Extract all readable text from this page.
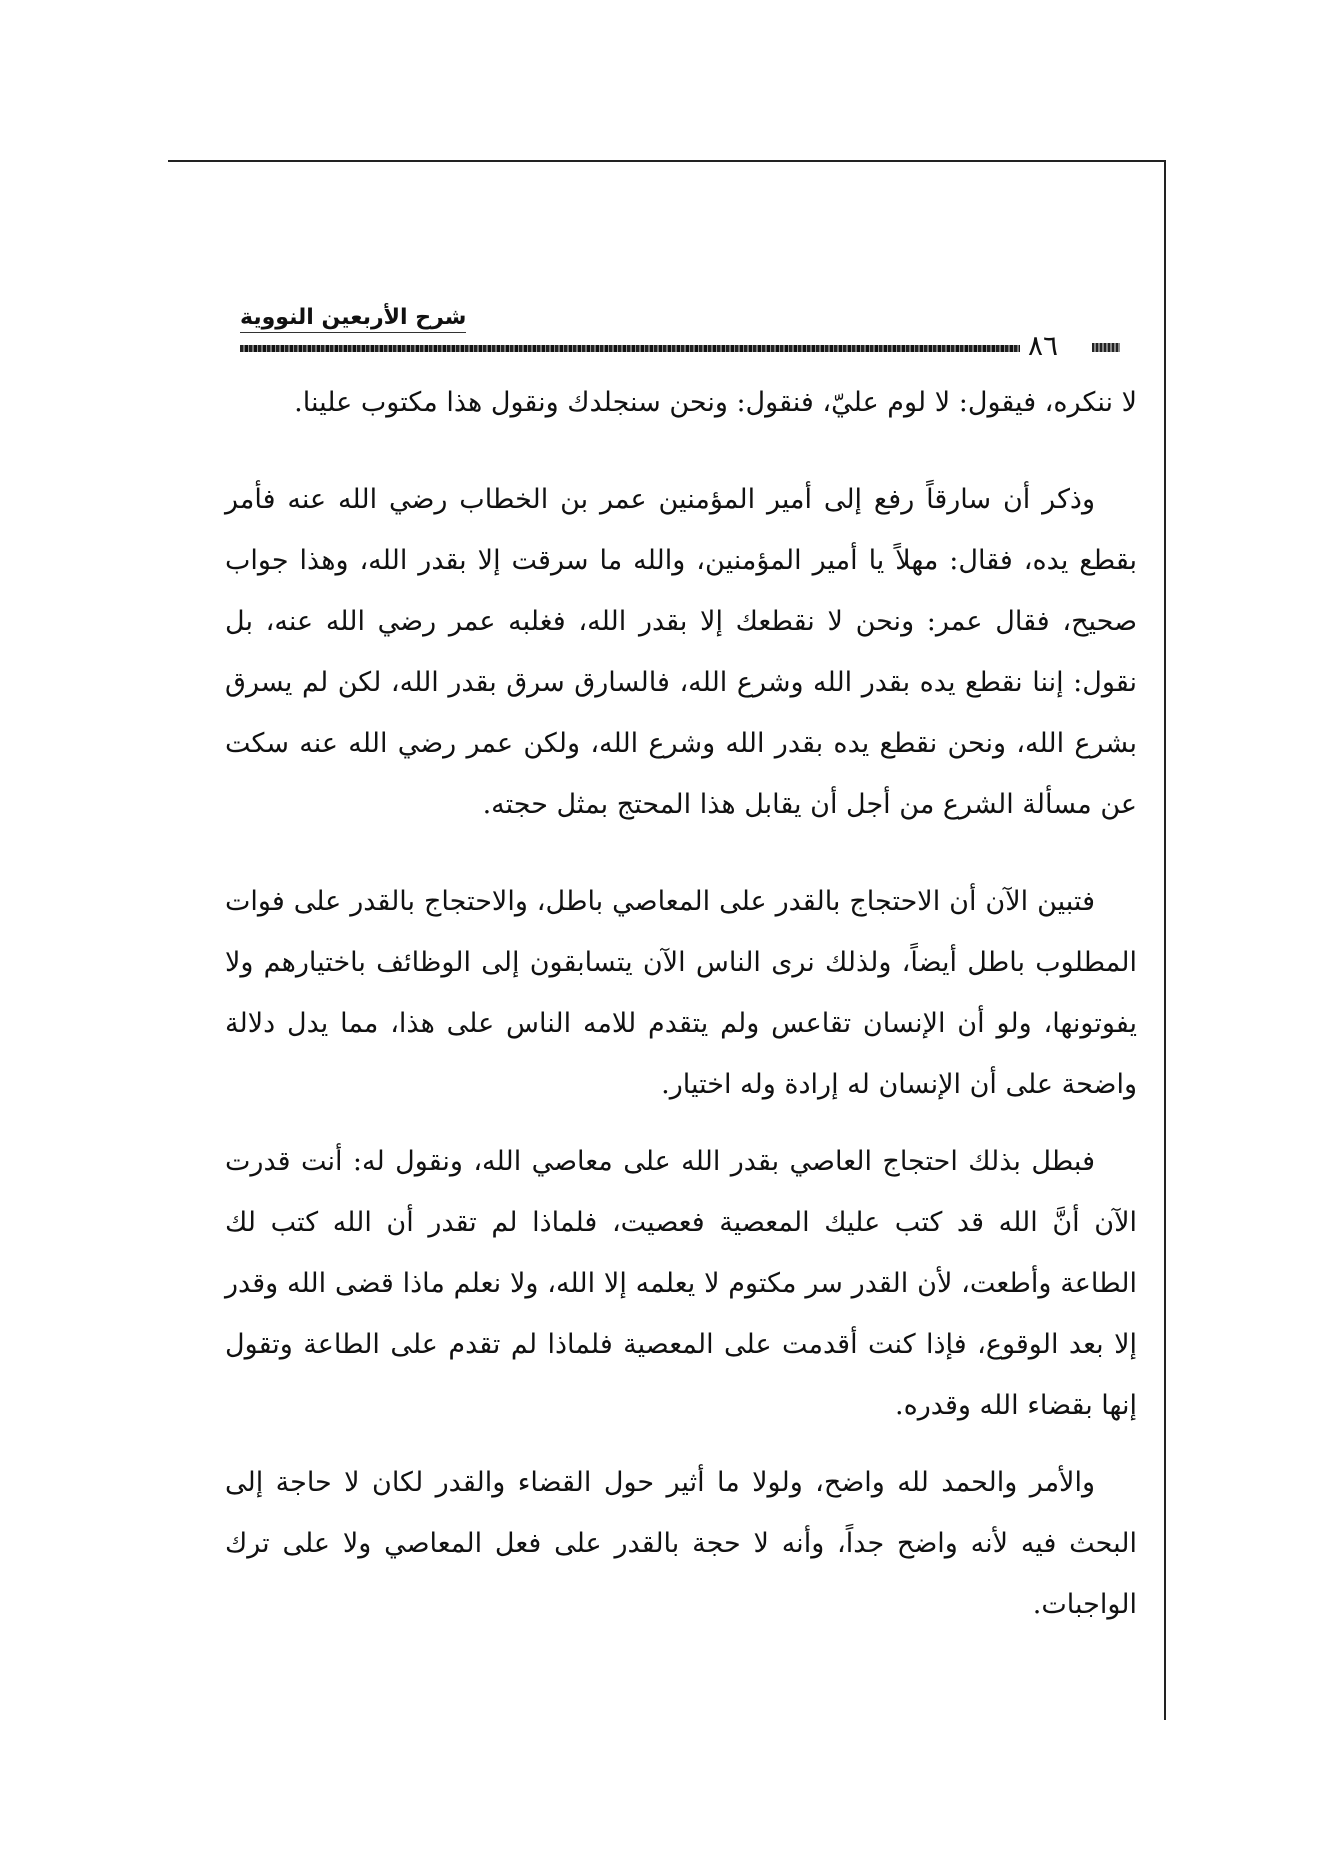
شرح الأربعين النووية
٨٦

لا ننكره، فيقول: لا لوم عليّ، فنقول: ونحن سنجلدك ونقول هذا مكتوب علينا.

وذكر أن سارقاً رفع إلى أمير المؤمنين عمر بن الخطاب رضي الله عنه فأمر بقطع يده، فقال: مهلاً يا أمير المؤمنين، والله ما سرقت إلا بقدر الله، وهذا جواب صحيح، فقال عمر: ونحن لا نقطعك إلا بقدر الله، فغلبه عمر رضي الله عنه، بل نقول: إننا نقطع يده بقدر الله وشرع الله، فالسارق سرق بقدر الله، لكن لم يسرق بشرع الله، ونحن نقطع يده بقدر الله وشرع الله، ولكن عمر رضي الله عنه سكت عن مسألة الشرع من أجل أن يقابل هذا المحتج بمثل حجته.

فتبين الآن أن الاحتجاج بالقدر على المعاصي باطل، والاحتجاج بالقدر على فوات المطلوب باطل أيضاً، ولذلك نرى الناس الآن يتسابقون إلى الوظائف باختيارهم ولا يفوتونها، ولو أن الإنسان تقاعس ولم يتقدم للامه الناس على هذا، مما يدل دلالة واضحة على أن الإنسان له إرادة وله اختيار.

فبطل بذلك احتجاج العاصي بقدر الله على معاصي الله، ونقول له: أنت قدرت الآن أنَّ الله قد كتب عليك المعصية فعصيت، فلماذا لم تقدر أن الله كتب لك الطاعة وأطعت، لأن القدر سر مكتوم لا يعلمه إلا الله، ولا نعلم ماذا قضى الله وقدر إلا بعد الوقوع، فإذا كنت أقدمت على المعصية فلماذا لم تقدم على الطاعة وتقول إنها بقضاء الله وقدره.

والأمر والحمد لله واضح، ولولا ما أثير حول القضاء والقدر لكان لا حاجة إلى البحث فيه لأنه واضح جداً، وأنه لا حجة بالقدر على فعل المعاصي ولا على ترك الواجبات.
